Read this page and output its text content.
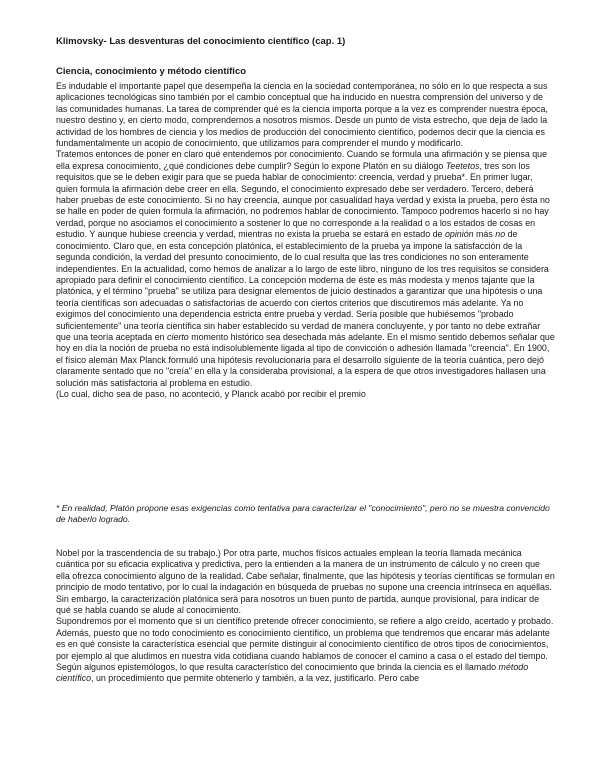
Klimovsky- Las desventuras del conocimiento científico (cap. 1)
Ciencia, conocimiento y método científico

Es indudable el importante papel que desempeña la ciencia en la sociedad contemporánea, no sólo en lo que respecta a sus aplicaciones tecnológicas sino también por el cambio conceptual que ha inducido en nuestra comprensión del universo y de las comunidades humanas. La tarea de comprender qué es la ciencia importa porque a la vez es comprender nuestra época, nuestro destino y, en cierto modo, comprendernos a nosotros mismos. Desde un punto de vista estrecho, que deja de lado la actividad de los hombres de ciencia y los medios de producción del conocimiento científico, podemos decir que la ciencia es fundamentalmente un acopio de conocimiento, que utilizamos para comprender el mundo y modificarlo.

Tratemos entonces de poner en claro qué entendemos por conocimiento. Cuando se formula una afirmación y se piensa que ella expresa conocimiento, ¿qué condiciones debe cumplir? Según lo expone Platón en su diálogo Teetetos, tres son los requisitos que se le deben exigir para que se pueda hablar de conocimiento: creencia, verdad y prueba*. En primer lugar, quien formula la afirmación debe creer en ella. Segundo, el conocimiento expresado debe ser verdadero. Tercero, deberá haber pruebas de este conocimiento. Si no hay creencia, aunque por casualidad haya verdad y exista la prueba, pero ésta no se halle en poder de quien formula la afirmación, no podremos hablar de conocimiento. Tampoco podremos hacerlo si no hay verdad, porque no asociamos el conocimiento a sostener lo que no corresponde a la realidad o a los estados de cosas en estudio. Y aunque hubiese creencia y verdad, mientras no exista la prueba se estará en estado de opinión más no de conocimiento. Claro que, en esta concepción platónica, el establecimiento de la prueba ya impone la satisfacción de la segunda condición, la verdad del presunto conocimiento, de lo cual resulta que las tres condiciones no son enteramente independientes. En la actualidad, como hemos de analizar a lo largo de este libro, ninguno de los tres requisitos se considera apropiado para definir el conocimiento científico. La concepción moderna de éste es más modesta y menos tajante que la platónica, y el término "prueba" se utiliza para designar elementos de juicio destinados a garantizar que una hipótesis o una teoría científicas son adecuadas o satisfactorias de acuerdo con ciertos criterios que discutiremos más adelante. Ya no exigimos del conocimiento una dependencia estricta entre prueba y verdad. Sería posible que hubiésemos "probado suficientemente" una teoría científica sin haber establecido su verdad de manera concluyente, y por tanto no debe extrañar que una teoría aceptada en cierto momento histórico sea desechada más adelante. En el mismo sentido debemos señalar que hoy en día la noción de prueba no está indisolublemente ligada al tipo de convicción o adhesión llamada "creencia". En 1900, el físico alemán Max Planck formuló una hipótesis revolucionaria para el desarrollo siguiente de la teoría cuántica, pero dejó claramente sentado que no "creía" en ella y la consideraba provisional, a la espera de que otros investigadores hallasen una solución más satisfactoria al problema en estudio.

(Lo cual, dicho sea de paso, no aconteció, y Planck acabó por recibir el premio

* En realidad, Platón propone esas exigencias como tentativa para caracterizar el "conocimiento", pero no se muestra convencido de haberlo logrado.

Nobel por la trascendencia de su trabajo.) Por otra parte, muchos físicos actuales emplean la teoría llamada mecánica cuántica por su eficacia explicativa y predictiva, pero la entienden a la manera de un instrumento de cálculo y no creen que ella ofrezca conocimiento alguno de la realidad. Cabe señalar, finalmente, que las hipótesis y teorías científicas se formulan en principio de modo tentativo, por lo cual la indagación en búsqueda de pruebas no supone una creencia intrínseca en aquéllas.

Sin embargo, la caracterización platónica será para nosotros un buen punto de partida, aunque provisional, para indicar de qué se habla cuando se alude al conocimiento.

Supondremos por el momento que si un científico pretende ofrecer conocimiento, se refiere a algo creído, acertado y probado. Además, puesto que no todo conocimiento es conocimiento científico, un problema que tendremos que encarar más adelante es en qué consiste la característica esencial que permite distinguir al conocimiento científico de otros tipos de conocimientos, por ejemplo al que aludimos en nuestra vida cotidiana cuando hablamos de conocer el camino a casa o el estado del tiempo.

Según algunos epistemólogos, lo que resulta característico del conocimiento que brinda la ciencia es el llamado método científico, un procedimiento que permite obtenerlo y también, a la vez, justificarlo. Pero cabe
